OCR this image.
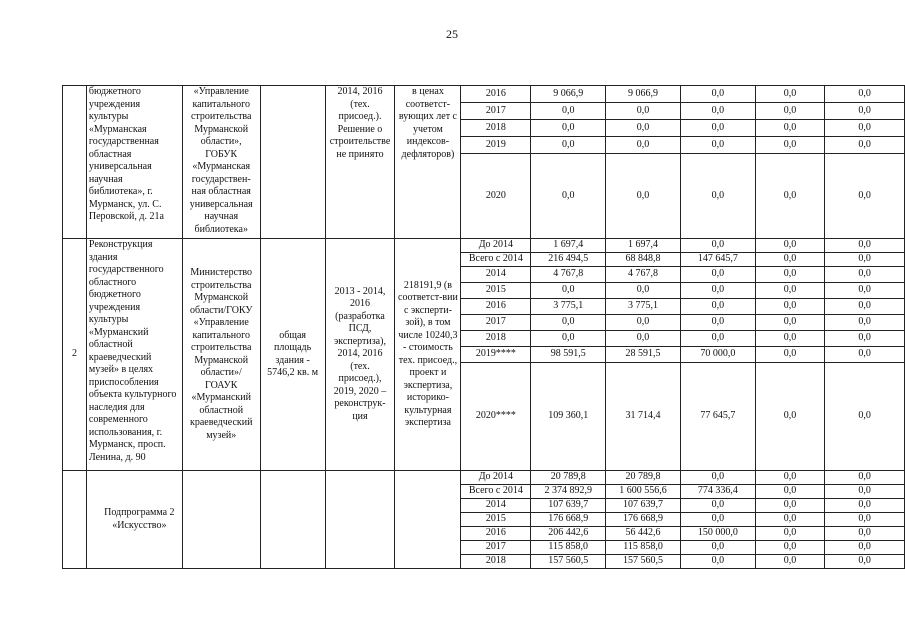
25
	бюджетного учреждения культуры «Мурманская государственная областная универсальная научная библиотека», г. Мурманск, ул. С. Перовской, д. 21а	«Управление капитального строительства Мурманской области», ГОБУК «Мурманская государствен-ная областная универсальная научная библиотека»		2014, 2016 (тех. присоед.). Решение о строительстве не принято	в ценах соответст-вующих лет с учетом индексов-дефляторов)	2016	9 066,9	9 066,9	0,0	0,0	0,0
						2017	0,0	0,0	0,0	0,0	0,0
						2018	0,0	0,0	0,0	0,0	0,0
						2019	0,0	0,0	0,0	0,0	0,0
						2020	0,0	0,0	0,0	0,0	0,0
2	Реконструкция здания государственного областного бюджетного учреждения культуры «Мурманский областной краеведческий музей» в целях приспособления объекта культурного наследия для современного использования, г. Мурманск, просп. Ленина, д. 90	Министерство строительства Мурманской области/ГОКУ «Управление капитального строительства Мурманской области»/ ГОАУК «Мурманский областной краеведческий музей»	общая площадь здания - 5746,2 кв. м	2013 - 2014, 2016 (разработка ПСД, экспертиза), 2014, 2016 (тех. присоед.), 2019, 2020 – реконструк-ция	218191,9 (в соответст-вии с эксперти-зой), в том числе 10240,3 - стоимость тех. присоед., проект и экспертиза, историко-культурная экспертиза	До 2014	1 697,4	1 697,4	0,0	0,0	0,0
						Всего с 2014	216 494,5	68 848,8	147 645,7	0,0	0,0
						2014	4 767,8	4 767,8	0,0	0,0	0,0
						2015	0,0	0,0	0,0	0,0	0,0
						2016	3 775,1	3 775,1	0,0	0,0	0,0
						2017	0,0	0,0	0,0	0,0	0,0
						2018	0,0	0,0	0,0	0,0	0,0
						2019****	98 591,5	28 591,5	70 000,0	0,0	0,0
						2020****	109 360,1	31 714,4	77 645,7	0,0	0,0
	Подпрограмма 2 «Искусство»					До 2014	20 789,8	20 789,8	0,0	0,0	0,0
						Всего с 2014	2 374 892,9	1 600 556,6	774 336,4	0,0	0,0
						2014	107 639,7	107 639,7	0,0	0,0	0,0
						2015	176 668,9	176 668,9	0,0	0,0	0,0
						2016	206 442,6	56 442,6	150 000,0	0,0	0,0
						2017	115 858,0	115 858,0	0,0	0,0	0,0
						2018	157 560,5	157 560,5	0,0	0,0	0,0
